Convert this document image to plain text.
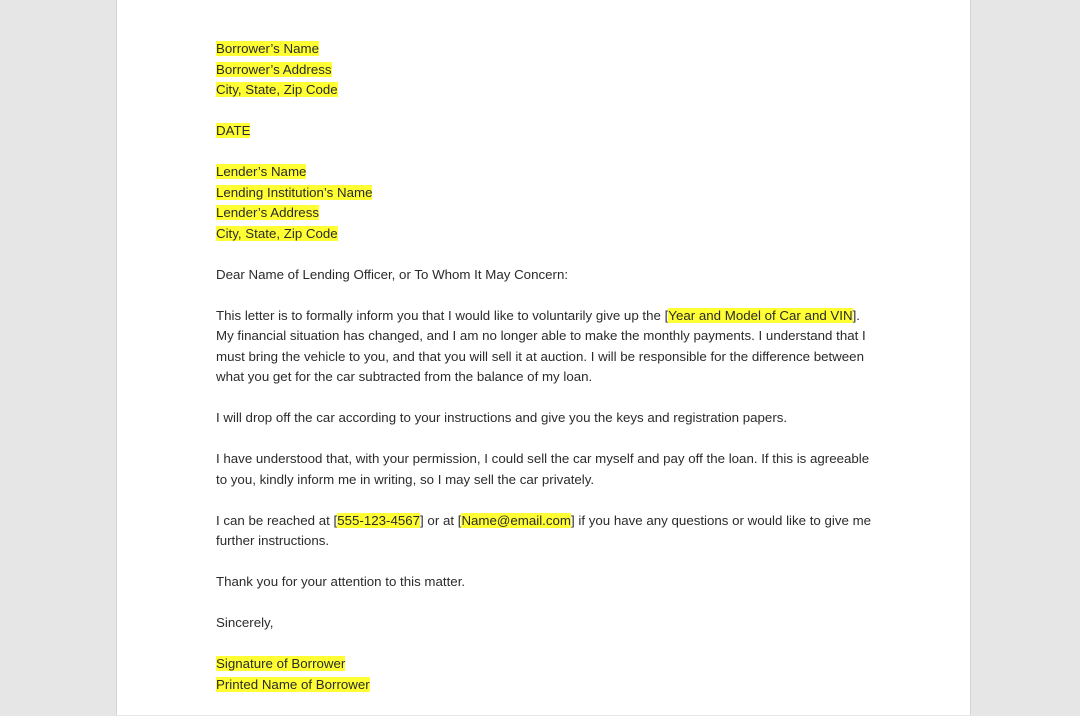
Borrower’s Name

Borrower’s Address

City, State, Zip Code

DATE

Lender’s Name

Lending Institution’s Name

Lender’s Address

City, State, Zip Code

Dear Name of Lending Officer, or To Whom It May Concern:

This letter is to formally inform you that I would like to voluntarily give up the [Year and Model of Car and VIN]. My financial situation has changed, and I am no longer able to make the monthly payments. I understand that I must bring the vehicle to you, and that you will sell it at auction. I will be responsible for the difference between what you get for the car subtracted from the balance of my loan.

I will drop off the car according to your instructions and give you the keys and registration papers.

I have understood that, with your permission, I could sell the car myself and pay off the loan. If this is agreeable to you, kindly inform me in writing, so I may sell the car privately.

I can be reached at [555-123-4567] or at [Name@email.com] if you have any questions or would like to give me further instructions.

Thank you for your attention to this matter.

Sincerely,

Signature of Borrower

Printed Name of Borrower
